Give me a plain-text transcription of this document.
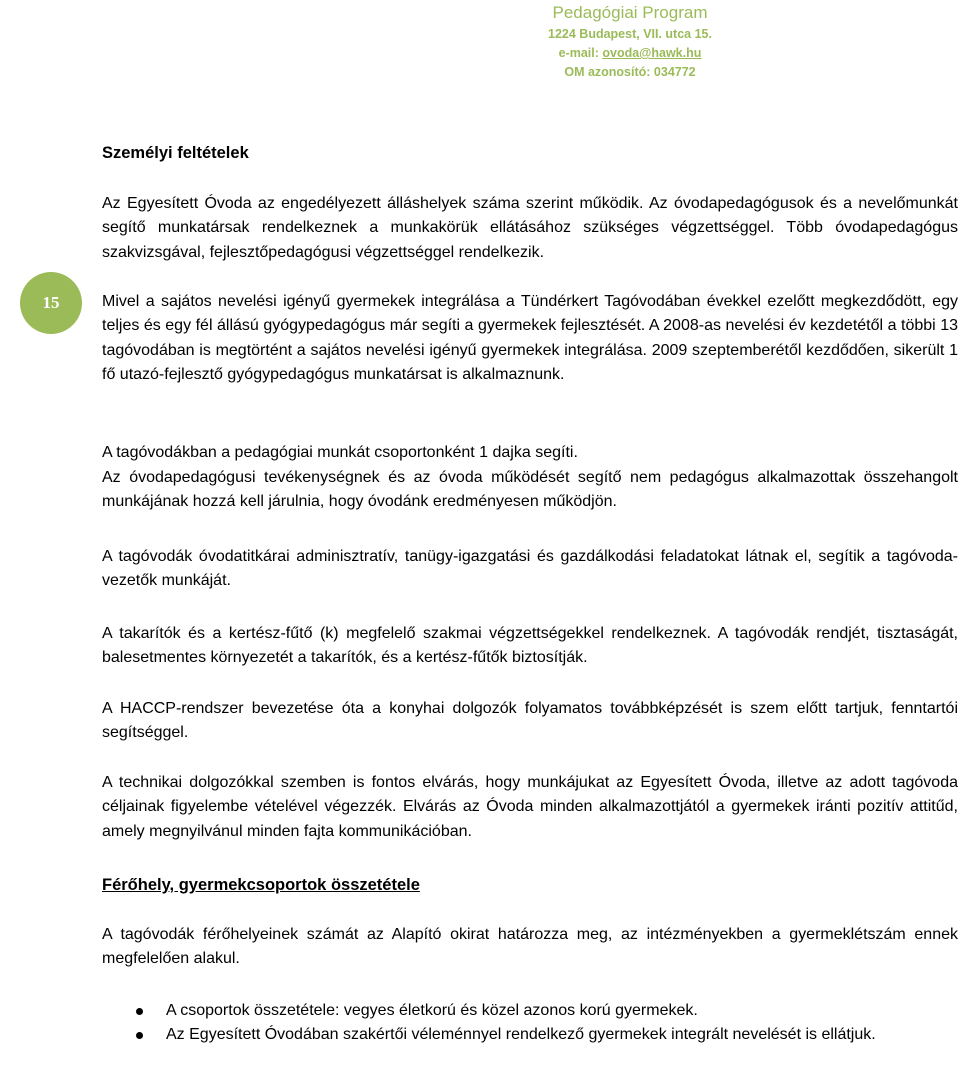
Pedagógiai Program
1224 Budapest, VII. utca 15.
e-mail: ovoda@hawk.hu
OM azonosító: 034772
15
Személyi feltételek

Az Egyesített Óvoda az engedélyezett álláshelyek száma szerint működik. Az óvodapedagógusok és a nevelőmunkát segítő munkatársak rendelkeznek a munkakörük ellátásához szükséges végzettséggel. Több óvodapedagógus szakvizsgával, fejlesztőpedagógusi végzettséggel rendelkezik.

Mivel a sajátos nevelési igényű gyermekek integrálása a Tündérkert Tagóvodában évekkel ezelőtt megkezdődött, egy teljes és egy fél állású gyógypedagógus már segíti a gyermekek fejlesztését. A 2008-as nevelési év kezdetétől a többi 13 tagóvodában is megtörtént a sajátos nevelési igényű gyermekek integrálása. 2009 szeptemberétől kezdődően, sikerült 1 fő utazó-fejlesztő gyógypedagógus munkatársat is alkalmaznunk.

A tagóvodákban a pedagógiai munkát csoportonként 1 dajka segíti.

Az óvodapedagógusi tevékenységnek és az óvoda működését segítő nem pedagógus alkalmazottak összehangolt munkájának hozzá kell járulnia, hogy óvodánk eredményesen működjön.

A tagóvodák óvodatitkárai adminisztratív, tanügy-igazgatási és gazdálkodási feladatokat látnak el, segítik a tagóvoda-vezetők munkáját.

A takarítók és a kertész-fűtő (k) megfelelő szakmai végzettségekkel rendelkeznek. A tagóvodák rendjét, tisztaságát, balesetmentes környezetét a takarítók, és a kertész-fűtők biztosítják.

A HACCP-rendszer bevezetése óta a konyhai dolgozók folyamatos továbbképzését is szem előtt tartjuk, fenntartói segítséggel.

A technikai dolgozókkal szemben is fontos elvárás, hogy munkájukat az Egyesített Óvoda, illetve az adott tagóvoda céljainak figyelembe vételével végezzék. Elvárás az Óvoda minden alkalmazottjától a gyermekek iránti pozitív attitűd, amely megnyilvánul minden fajta kommunikációban.

Férőhely, gyermekcsoportok összetétele

A tagóvodák férőhelyeinek számát az Alapító okirat határozza meg, az intézményekben a gyermeklétszám ennek megfelelően alakul.

A csoportok összetétele: vegyes életkorú és közel azonos korú gyermekek.
Az Egyesített Óvodában szakértői véleménnyel rendelkező gyermekek integrált nevelését is ellátjuk.
